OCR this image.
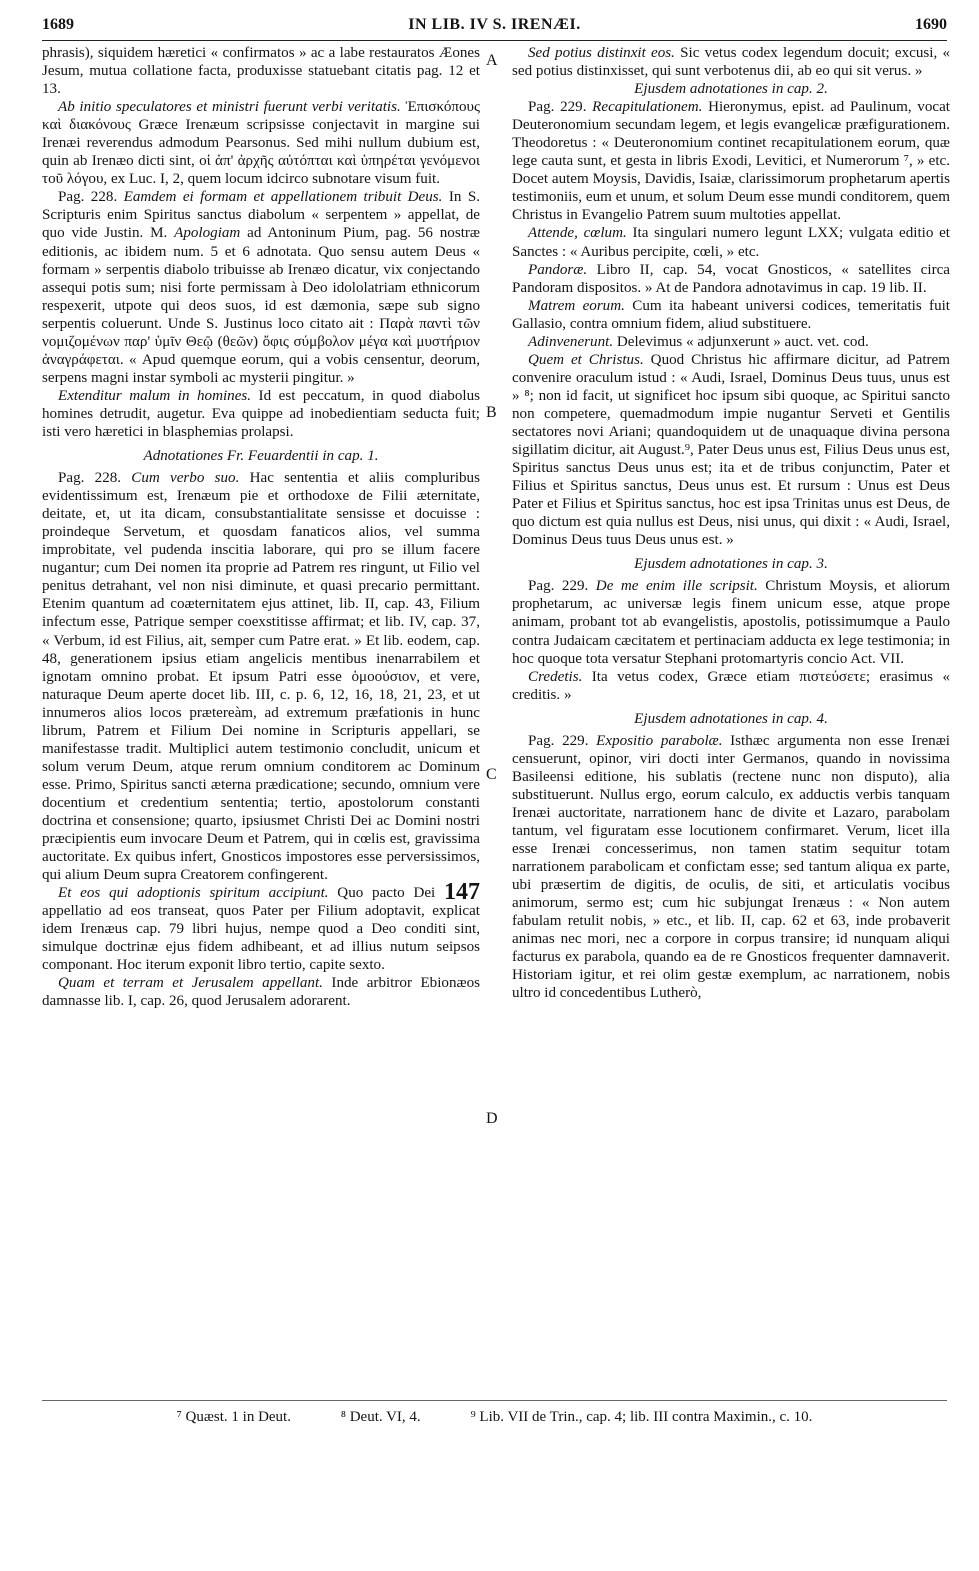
1689	IN LIB. IV S. IRENÆI.	1690
A
B
C
D

phrasis), siquidem hæretici « confirmatos » ac a labe restauratos Æones Jesum, mutua collatione facta, produxisse statuebant citatis pag. 12 et 13.

Ab initio speculatores et ministri fuerunt verbi veritatis. Ἐπισκόπους καὶ διακόνους Græce Irenæum scripsisse conjectavit in margine sui Irenæi reverendus admodum Pearsonus. Sed mihi nullum dubium est, quin ab Irenæo dicti sint, οἱ ἀπ' ἀρχῆς αὐτόπται καὶ ὑπηρέται γενόμενοι τοῦ λόγου, ex Luc. I, 2, quem locum idcirco subnotare visum fuit.

Pag. 228. Eamdem ei formam et appellationem tribuit Deus. In S. Scripturis enim Spiritus sanctus diabolum « serpentem » appellat, de quo vide Justin. M. Apologiam ad Antoninum Pium, pag. 56 nostræ editionis, ac ibidem num. 5 et 6 adnotata. Quo sensu autem Deus « formam » serpentis diabolo tribuisse ab Irenæo dicatur, vix conjectando assequi potis sum; nisi forte permissam à Deo idololatriam ethnicorum respexerit, utpote qui deos suos, id est dæmonia, sæpe sub signo serpentis coluerunt. Unde S. Justinus loco citato ait : Παρὰ παντὶ τῶν νομιζομένων παρ' ὑμῖν Θεῷ (θεῶν) ὄφις σύμβολον μέγα καὶ μυστήριον ἀναγράφεται. « Apud quemque eorum, qui a vobis censentur, deorum, serpens magni instar symboli ac mysterii pingitur. »

Extenditur malum in homines. Id est peccatum, in quod diabolus homines detrudit, augetur. Eva quippe ad inobedientiam seducta fuit; isti vero hæretici in blasphemias prolapsi.

Adnotationes Fr. Feuardentii in cap. 1.

Pag. 228. Cum verbo suo. Hac sententia et aliis compluribus evidentissimum est, Irenæum pie et orthodoxe de Filii æternitate, deitate, et, ut ita dicam, consubstantialitate sensisse et docuisse : proindeque Servetum, et quosdam fanaticos alios, vel summa improbitate, vel pudenda inscitia laborare, qui pro se illum facere nugantur; cum Dei nomen ita proprie ad Patrem res ringunt, ut Filio vel penitus detrahant, vel non nisi diminute, et quasi precario permittant. Etenim quantum ad coæternitatem ejus attinet, lib. II, cap. 43, Filium infectum esse, Patrique semper coexstitisse affirmat; et lib. IV, cap. 37, « Verbum, id est Filius, ait, semper cum Patre erat. » Et lib. eodem, cap. 48, generationem ipsius etiam angelicis mentibus inenarrabilem et ignotam omnino probat. Et ipsum Patri esse ὁμοούσιον, et vere, naturaque Deum aperte docet lib. III, c. p. 6, 12, 16, 18, 21, 23, et ut innumeros alios locos prætereàm, ad extremum præfationis in hunc librum, Patrem et Filium Dei nomine in Scripturis appellari, se manifestasse tradit. Multiplici autem testimonio concludit, unicum et solum verum Deum, atque rerum omnium conditorem ac Dominum esse. Primo, Spiritus sancti æterna prædicatione; secundo, omnium vere docentium et credentium sententia; tertio, apostolorum constanti doctrina et consensione; quarto, ipsiusmet Christi Dei ac Domini nostri præcipientis eum invocare Deum et Patrem, qui in cœlis est, gravissima auctoritate. Ex quibus infert, Gnosticos impostores esse perversissimos, qui alium Deum supra Creatorem confingerent.

Et eos qui adoptionis spiritum accipiunt. Quo pacto Dei 147 appellatio ad eos transeat, quos Pater per Filium adoptavit, explicat idem Irenæus cap. 79 libri hujus, nempe quod a Deo conditi sint, simulque doctrinæ ejus fidem adhibeant, et ad illius nutum seipsos componant. Hoc iterum exponit libro tertio, capite sexto.

Quam et terram et Jerusalem appellant. Inde arbitror Ebionæos damnasse lib. I, cap. 26, quod Jerusalem adorarent.

Sed potius distinxit eos. Sic vetus codex legendum docuit; excusi, « sed potius distinxisset, qui sunt verbotenus dii, ab eo qui sit verus. »

Ejusdem adnotationes in cap. 2.

Pag. 229. Recapitulationem. Hieronymus, epist. ad Paulinum, vocat Deuteronomium secundam legem, et legis evangelicæ præfigurationem. Theodoretus : « Deuteronomium continet recapitulationem eorum, quæ lege cauta sunt, et gesta in libris Exodi, Levitici, et Numerorum ⁷, » etc. Docet autem Moysis, Davidis, Isaiæ, clarissimorum prophetarum apertis testimoniis, eum et unum, et solum Deum esse mundi conditorem, quem Christus in Evangelio Patrem suum multoties appellat.

Attende, cœlum. Ita singulari numero legunt LXX; vulgata editio et Sanctes : « Auribus percipite, cœli, » etc.

Pandoræ. Libro II, cap. 54, vocat Gnosticos, « satellites circa Pandoram dispositos. » At de Pandora adnotavimus in cap. 19 lib. II.

Matrem eorum. Cum ita habeant universi codices, temeritatis fuit Gallasio, contra omnium fidem, aliud substituere.

Adinvenerunt. Delevimus « adjunxerunt » auct. vet. cod.

Quem et Christus. Quod Christus hic affirmare dicitur, ad Patrem convenire oraculum istud : « Audi, Israel, Dominus Deus tuus, unus est » ⁸; non id facit, ut significet hoc ipsum sibi quoque, ac Spiritui sancto non competere, quemadmodum impie nugantur Serveti et Gentilis sectatores novi Ariani; quandoquidem ut de unaquaque divina persona sigillatim dicitur, ait August.⁹, Pater Deus unus est, Filius Deus unus est, Spiritus sanctus Deus unus est; ita et de tribus conjunctim, Pater et Filius et Spiritus sanctus, Deus unus est. Et rursum : Unus est Deus Pater et Filius et Spiritus sanctus, hoc est ipsa Trinitas unus est Deus, de quo dictum est quia nullus est Deus, nisi unus, qui dixit : « Audi, Israel, Dominus Deus tuus Deus unus est. »

Ejusdem adnotationes in cap. 3.

Pag. 229. De me enim ille scripsit. Christum Moysis, et aliorum prophetarum, ac universæ legis finem unicum esse, atque prope animam, probant tot ab evangelistis, apostolis, potissimumque a Paulo contra Judaicam cæcitatem et pertinaciam adducta ex lege testimonia; in hoc quoque tota versatur Stephani protomartyris concio Act. VII.

Credetis. Ita vetus codex, Græce etiam πιστεύσετε; erasimus « creditis. »

Ejusdem adnotationes in cap. 4.

Pag. 229. Expositio parabolæ. Isthæc argumenta non esse Irenæi censuerunt, opinor, viri docti inter Germanos, quando in novissima Basileensi editione, his sublatis (rectene nunc non disputo), alia substituerunt. Nullus ergo, eorum calculo, ex adductis verbis tanquam Irenæi auctoritate, narrationem hanc de divite et Lazaro, parabolam tantum, vel figuratam esse locutionem confirmaret. Verum, licet illa esse Irenæi concesserimus, non tamen statim sequitur totam narrationem parabolicam et confictam esse; sed tantum aliqua ex parte, ubi præsertim de digitis, de oculis, de siti, et articulatis vocibus animorum, sermo est; cum hic subjungat Irenæus : « Non autem fabulam retulit nobis, » etc., et lib. II, cap. 62 et 63, inde probaverit animas nec mori, nec a corpore in corpus transire; id nunquam aliqui facturus ex parabola, quando ea de re Gnosticos frequenter damnaverit. Historiam igitur, et rei olim gestæ exemplum, ac narrationem, nobis ultro id concedentibus Lutherò,

⁷ Quæst. 1 in Deut.	⁸ Deut. VI, 4.	⁹ Lib. VII de Trin., cap. 4; lib. III contra Maximin., c. 10.
